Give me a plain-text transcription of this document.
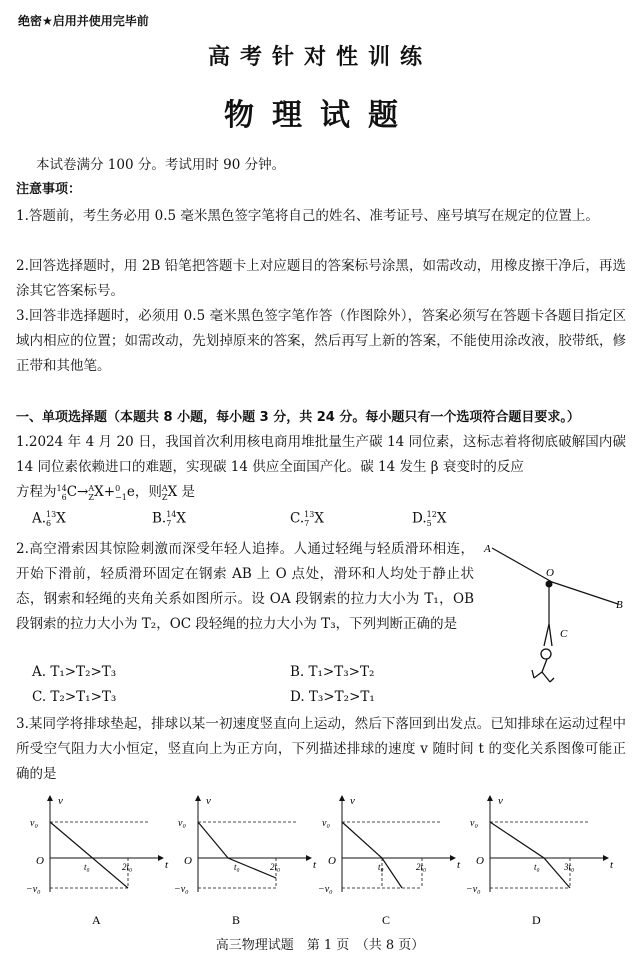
绝密★启用并使用完毕前
高考针对性训练
物理试题
本试卷满分 100 分。考试用时 90 分钟。
注意事项：
1.答题前，考生务必用 0.5 毫米黑色签字笔将自己的姓名、准考证号、座号填写在规定的位置上。
2.回答选择题时，用 2B 铅笔把答题卡上对应题目的答案标号涂黑，如需改动，用橡皮擦干净后，再选涂其它答案标号。
3.回答非选择题时，必须用 0.5 毫米黑色签字笔作答（作图除外），答案必须写在答题卡各题目指定区域内相应的位置；如需改动，先划掉原来的答案，然后再写上新的答案，不能使用涂改液，胶带纸，修正带和其他笔。
一、单项选择题（本题共 8 小题，每小题 3 分，共 24 分。每小题只有一个选项符合题目要求。）
1.2024 年 4 月 20 日，我国首次利用核电商用堆批量生产碳 14 同位素，这标志着将彻底破解国内碳 14 同位素依赖进口的难题，实现碳 14 供应全面国产化。碳 14 发生 β 衰变时的反应
方程为14
6C→A
ZX+0
−1e，则A
ZX 是
A.13
6 X	B.14
7 X	C.13
7 X	D.12
5 X
2.高空滑索因其惊险刺激而深受年轻人追捧。人通过轻绳与轻质滑环相连，开始下滑前，轻质滑环固定在钢索 AB 上 O 点处，滑环和人均处于静止状态，钢索和轻绳的夹角关系如图所示。设 OA 段钢索的拉力大小为 T₁，OB 段钢索的拉力大小为 T₂，OC 段轻绳的拉力大小为 T₃，下列判断正确的是
A
O
B
C
A. T₁>T₂>T₃	B. T₁>T₃>T₂
C. T₂>T₁>T₃	D. T₃>T₂>T₁
3.某同学将排球垫起，排球以某一初速度竖直向上运动，然后下落回到出发点。已知排球在运动过程中所受空气阻力大小恒定，竖直向上为正方向，下列描述排球的速度 v 随时间 t 的变化关系图像可能正确的是
v
t
O
v₀
−v₀
t₀	2t₀
A
v
t
O
v₀
−v₀
t₀	2t₀
B
v
t
O
v₀
−v₀
t₀	2t₀
C
v
t
O
v₀
−v₀
t₀	3t₀
D
高三物理试题　第 1 页　（共 8 页）
